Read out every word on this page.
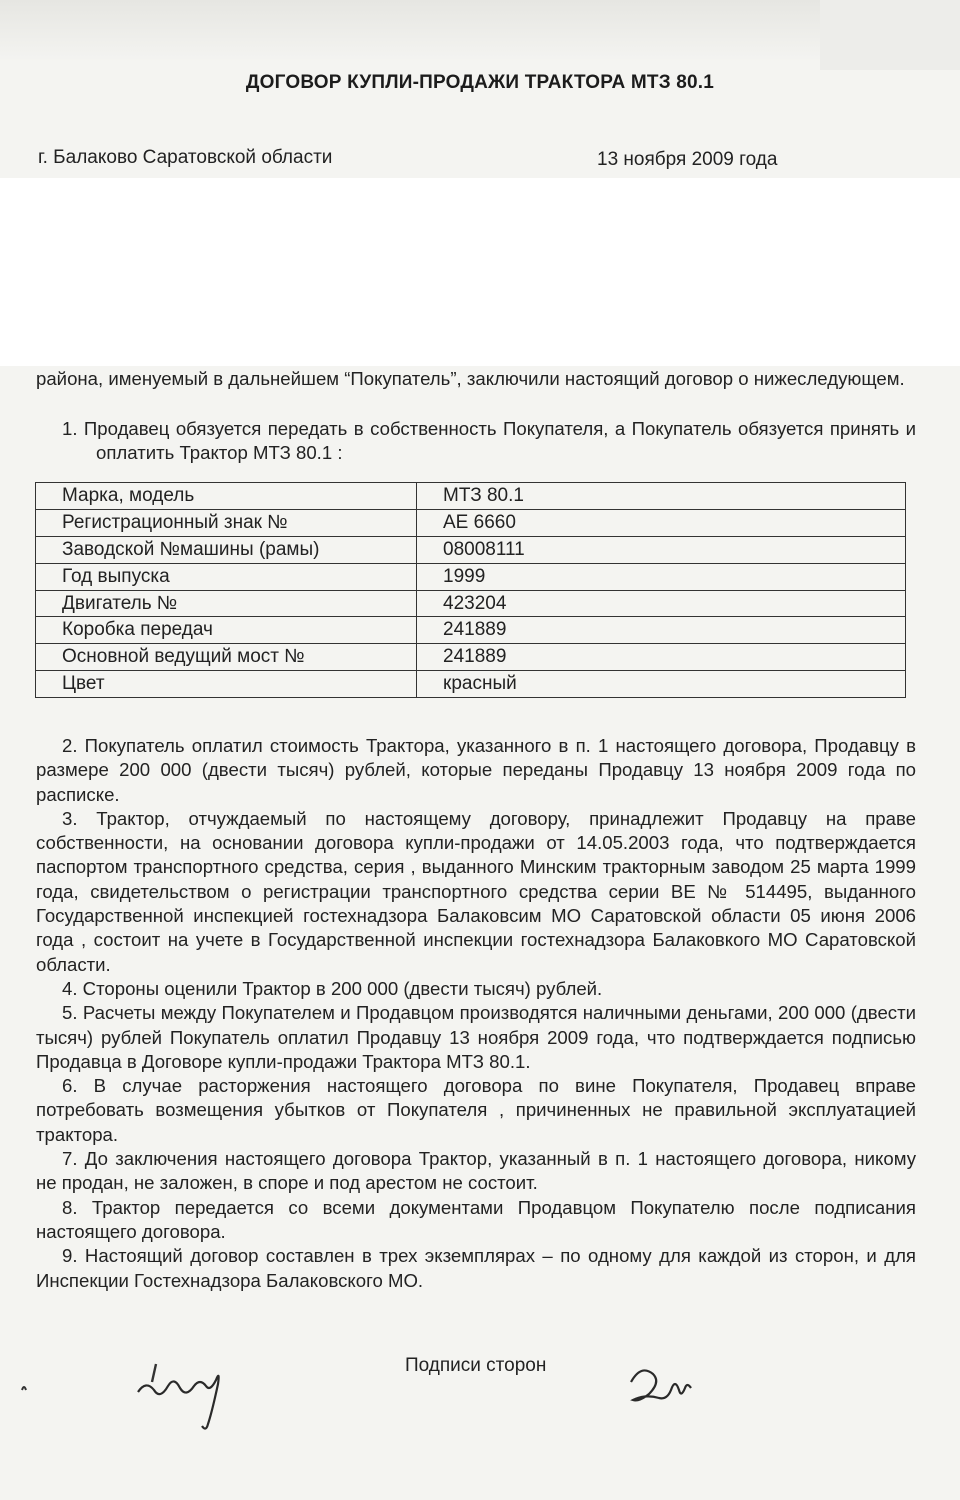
ДОГОВОР КУПЛИ-ПРОДАЖИ ТРАКТОРА МТЗ 80.1
г. Балаково Саратовской области	13 ноября 2009 года

района, именуемый в дальнейшем “Покупатель”, заключили настоящий договор о нижеследующем.

1. Продавец обязуется передать в собственность Покупателя, а Покупатель обязуется принять и оплатить Трактор МТЗ 80.1 :

Марка, модель	МТЗ 80.1
Регистрационный знак №	АЕ 6660
Заводской №машины (рамы)	08008111
Год выпуска	1999
Двигатель №	423204
Коробка передач	241889
Основной ведущий мост №	241889
Цвет	красный

2. Покупатель оплатил стоимость Трактора, указанного в п. 1 настоящего договора, Продавцу в размере 200 000 (двести тысяч) рублей, которые переданы Продавцу 13 ноября 2009 года по расписке.

3. Трактор, отчуждаемый по настоящему договору, принадлежит Продавцу на праве собственности, на основании договора купли-продажи от 14.05.2003 года, что подтверждается паспортом транспортного средства, серия , выданного Минским тракторным заводом 25 марта 1999 года, свидетельством о регистрации транспортного средства серии ВЕ № 514495, выданного Государственной инспекцией гостехнадзора Балаковсим МО Саратовской области 05 июня 2006 года , состоит на учете в Государственной инспекции гостехнадзора Балаковкого МО Саратовской области.

4. Стороны оценили Трактор в 200 000 (двести тысяч) рублей.

5. Расчеты между Покупателем и Продавцом производятся наличными деньгами, 200 000 (двести тысяч) рублей Покупатель оплатил Продавцу 13 ноября 2009 года, что подтверждается подписью Продавца в Договоре купли-продажи Трактора МТЗ 80.1.

6. В случае расторжения настоящего договора по вине Покупателя, Продавец вправе потребовать возмещения убытков от Покупателя , причиненных не правильной эксплуатацией трактора.

7. До заключения настоящего договора Трактор, указанный в п. 1 настоящего договора, никому не продан, не заложен, в споре и под арестом не состоит.

8. Трактор передается со всеми документами Продавцом Покупателю после подписания настоящего договора.

9. Настоящий договор составлен в трех экземплярах – по одному для каждой из сторон, и для Инспекции Гостехнадзора Балаковского МО.

Подписи сторон
